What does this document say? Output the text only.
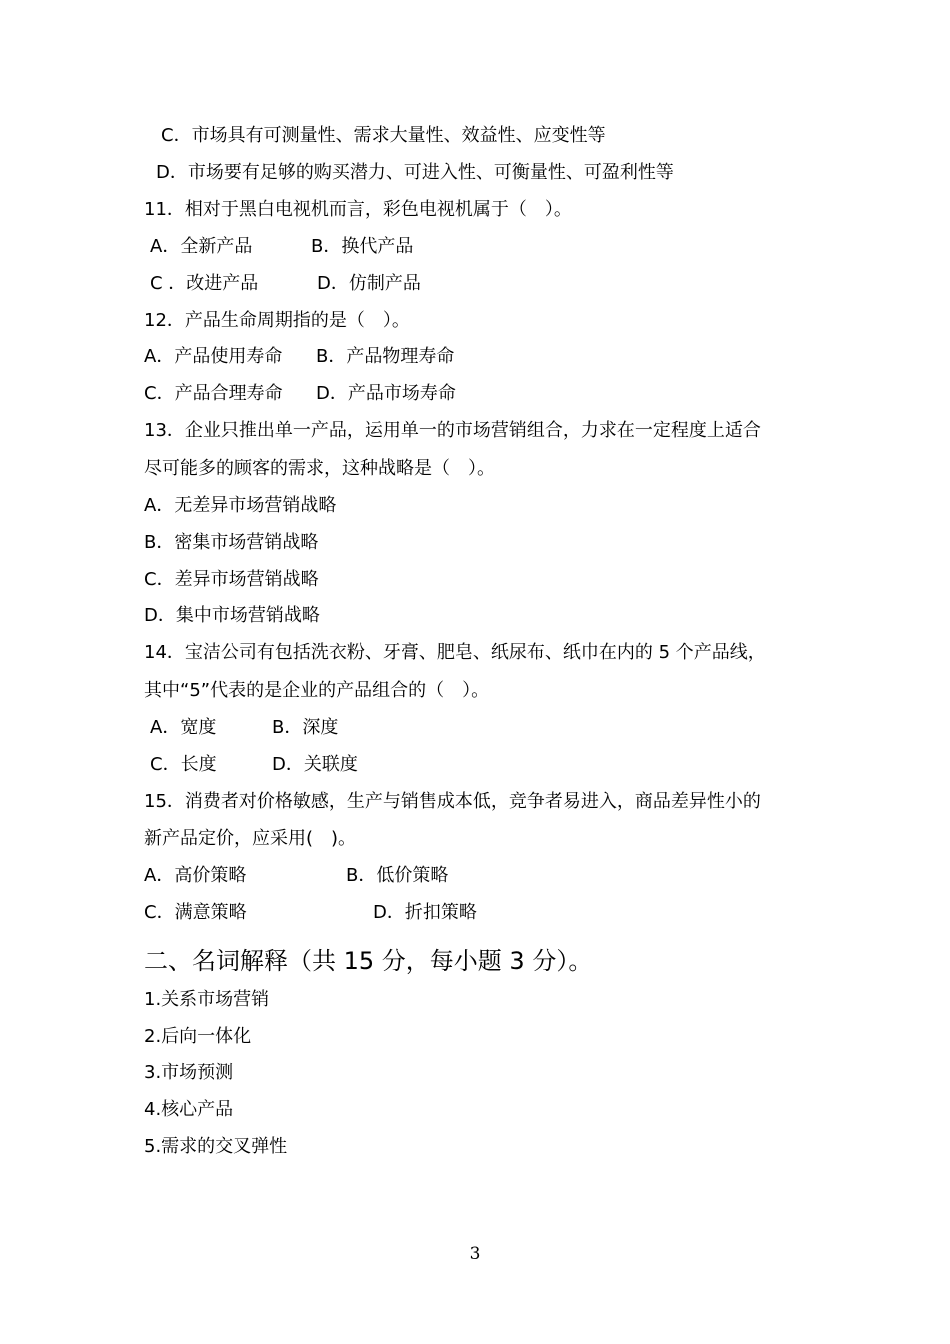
C．市场具有可测量性、需求大量性、效益性、应变性等
D．市场要有足够的购买潜力、可进入性、可衡量性、可盈利性等
11．相对于黑白电视机而言，彩色电视机属于（　）。
A．全新产品	B．换代产品
C ．改进产品	D．仿制产品
12．产品生命周期指的是（　）。
A．产品使用寿命 B．产品物理寿命
C．产品合理寿命 D．产品市场寿命
13．企业只推出单一产品，运用单一的市场营销组合，力求在一定程度上适合
尽可能多的顾客的需求，这种战略是（　）。
A．无差异市场营销战略
B．密集市场营销战略
C．差异市场营销战略
D．集中市场营销战略
14．宝洁公司有包括洗衣粉、牙膏、肥皂、纸尿布、纸巾在内的 5 个产品线，
其中“5”代表的是企业的产品组合的（　）。
A．宽度	B．深度
C．长度	D．关联度
15．消费者对价格敏感，生产与销售成本低，竞争者易进入，商品差异性小的
新产品定价，应采用(　)。
A．高价策略	B．低价策略
C．满意策略	D．折扣策略
二、名词解释（共 15 分，每小题 3 分）。
1.关系市场营销
2.后向一体化
3.市场预测
4.核心产品
5.需求的交叉弹性
3
